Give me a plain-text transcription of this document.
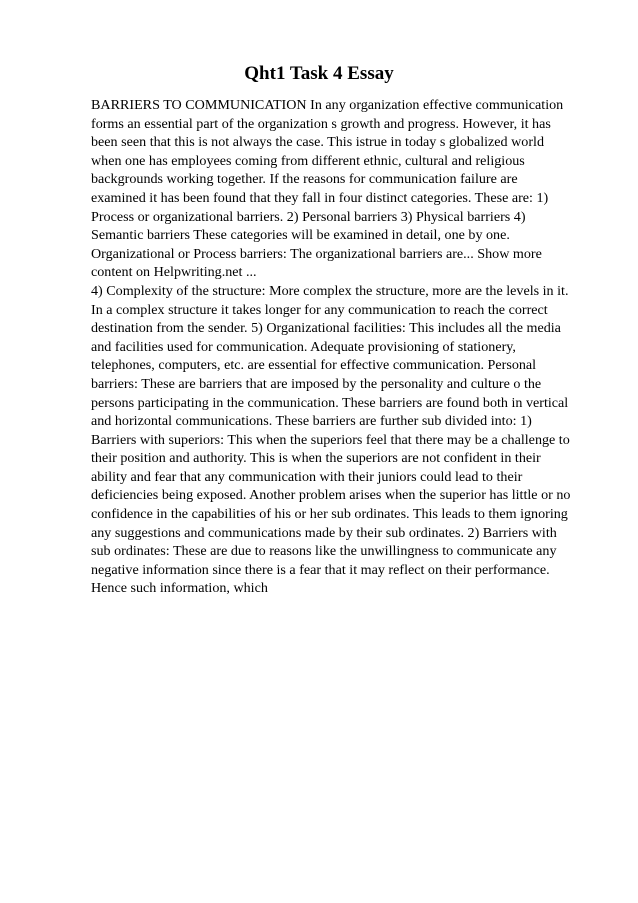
Qht1 Task 4 Essay
BARRIERS TO COMMUNICATION In any organization effective communication
forms an essential part of the organization s growth and progress. However, it has
been seen that this is not always the case. This istrue in today s globalized world
when one has employees coming from different ethnic, cultural and religious
backgrounds working together. If the reasons for communication failure are
examined it has been found that they fall in four distinct categories. These are: 1)
Process or organizational barriers. 2) Personal barriers 3) Physical barriers 4)
Semantic barriers These categories will be examined in detail, one by one.
Organizational or Process barriers: The organizational barriers are... Show more
content on Helpwriting.net ...
4) Complexity of the structure: More complex the structure, more are the levels in it.
In a complex structure it takes longer for any communication to reach the correct
destination from the sender. 5) Organizational facilities: This includes all the media
and facilities used for communication. Adequate provisioning of stationery,
telephones, computers, etc. are essential for effective communication. Personal
barriers: These are barriers that are imposed by the personality and culture o the
persons participating in the communication. These barriers are found both in vertical
and horizontal communications. These barriers are further sub divided into: 1)
Barriers with superiors: This when the superiors feel that there may be a challenge to
their position and authority. This is when the superiors are not confident in their
ability and fear that any communication with their juniors could lead to their
deficiencies being exposed. Another problem arises when the superior has little or no
confidence in the capabilities of his or her sub ordinates. This leads to them ignoring
any suggestions and communications made by their sub ordinates. 2) Barriers with
sub ordinates: These are due to reasons like the unwillingness to communicate any
negative information since there is a fear that it may reflect on their performance.
Hence such information, which
